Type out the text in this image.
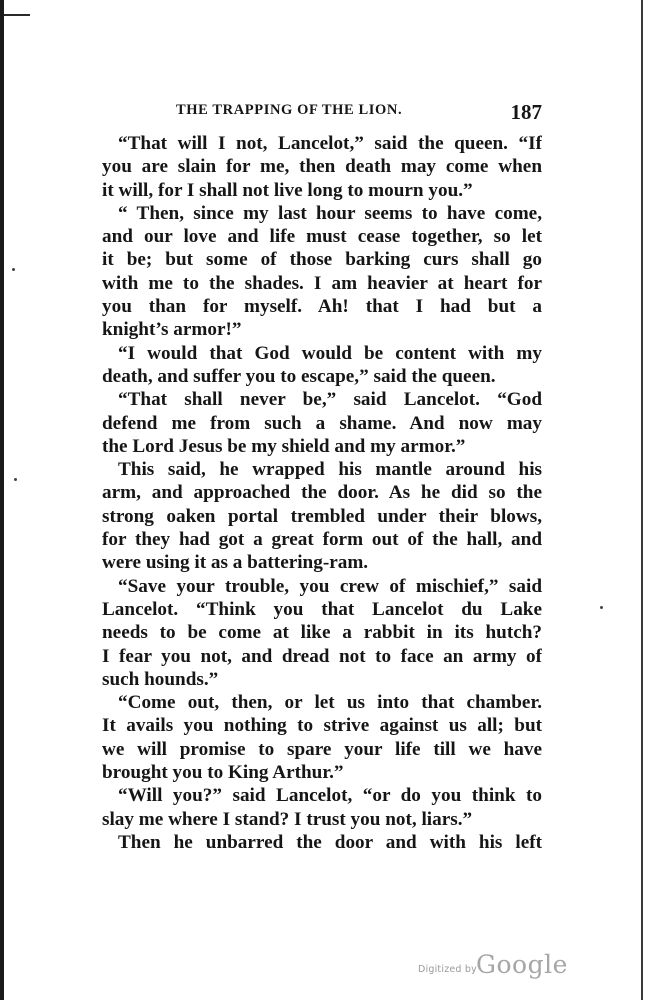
THE TRAPPING OF THE LION.	187
“That will I not, Lancelot,” said the queen. “If
you are slain for me, then death may come when
it will, for I shall not live long to mourn you.”
“ Then, since my last hour seems to have come,
and our love and life must cease together, so let
it be; but some of those barking curs shall go
with me to the shades. I am heavier at heart for
you than for myself. Ah! that I had but a
knight’s armor!”
“I would that God would be content with my
death, and suffer you to escape,” said the queen.
“That shall never be,” said Lancelot. “God
defend me from such a shame. And now may
the Lord Jesus be my shield and my armor.”
This said, he wrapped his mantle around his
arm, and approached the door. As he did so the
strong oaken portal trembled under their blows,
for they had got a great form out of the hall, and
were using it as a battering-ram.
“Save your trouble, you crew of mischief,” said
Lancelot. “Think you that Lancelot du Lake
needs to be come at like a rabbit in its hutch?
I fear you not, and dread not to face an army of
such hounds.”
“Come out, then, or let us into that chamber.
It avails you nothing to strive against us all; but
we will promise to spare your life till we have
brought you to King Arthur.”
“Will you?” said Lancelot, “or do you think to
slay me where I stand? I trust you not, liars.”
Then he unbarred the door and with his left
Digitized by Google
